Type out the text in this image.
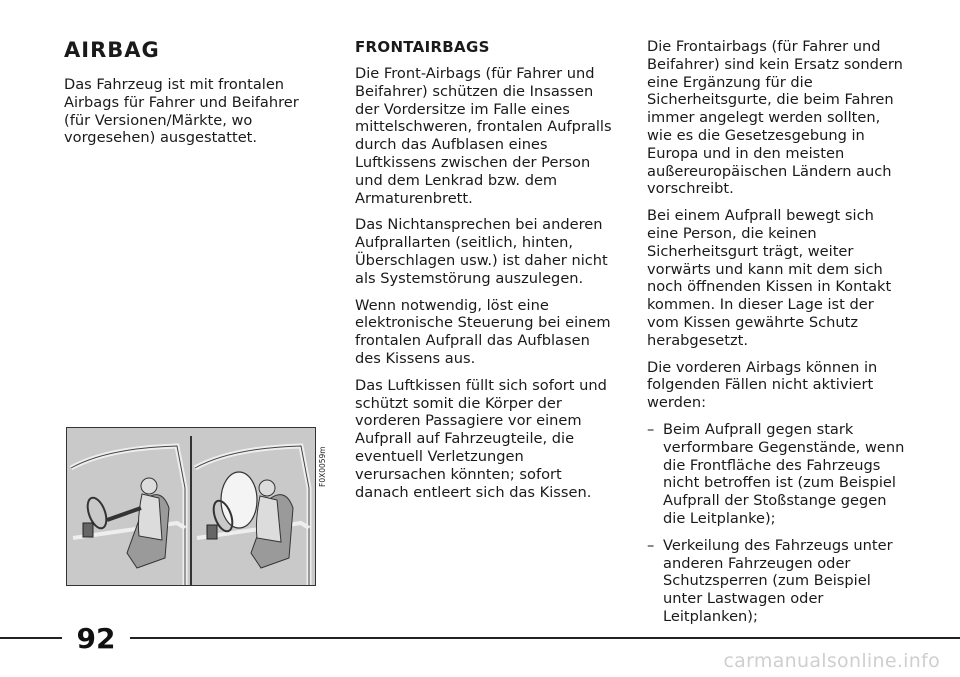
AIRBAG

Das Fahrzeug ist mit frontalen Airbags für Fahrer und Beifahrer (für Versionen/Märkte, wo vorgesehen) ausgestattet.

F0X0059m
FRONTAIRBAGS

Die Front-Airbags (für Fahrer und Beifahrer) schützen die Insassen der Vordersitze im Falle eines mittelschweren, frontalen Aufpralls durch das Aufblasen eines Luftkissens zwischen der Person und dem Lenkrad bzw. dem Armaturenbrett.

Das Nichtansprechen bei anderen Aufprallarten (seitlich, hinten, Überschlagen usw.) ist daher nicht als Systemstörung auszulegen.

Wenn notwendig, löst eine elektronische Steuerung bei einem frontalen Aufprall das Aufblasen des Kissens aus.

Das Luftkissen füllt sich sofort und schützt somit die Körper der vorderen Passagiere vor einem Aufprall auf Fahrzeugteile, die eventuell Verletzungen verursachen könnten; sofort danach entleert sich das Kissen.

Die Frontairbags (für Fahrer und Beifahrer) sind kein Ersatz sondern eine Ergänzung für die Sicherheitsgurte, die beim Fahren immer angelegt werden sollten, wie es die Gesetzesgebung in Europa und in den meisten außereuropäischen Ländern auch vorschreibt.

Bei einem Aufprall bewegt sich eine Person, die keinen Sicherheitsgurt trägt, weiter vorwärts und kann mit dem sich noch öffnenden Kissen in Kontakt kommen. In dieser Lage ist der vom Kissen gewährte Schutz herabgesetzt.

Die vorderen Airbags können in folgenden Fällen nicht aktiviert werden:

– Beim Aufprall gegen stark verformbare Gegenstände, wenn die Frontfläche des Fahrzeugs nicht betroffen ist (zum Beispiel Aufprall der Stoßstange gegen die Leitplanke);
– Verkeilung des Fahrzeugs unter anderen Fahrzeugen oder Schutzsperren (zum Beispiel unter Lastwagen oder Leitplanken);
92
carmanualsonline.info
